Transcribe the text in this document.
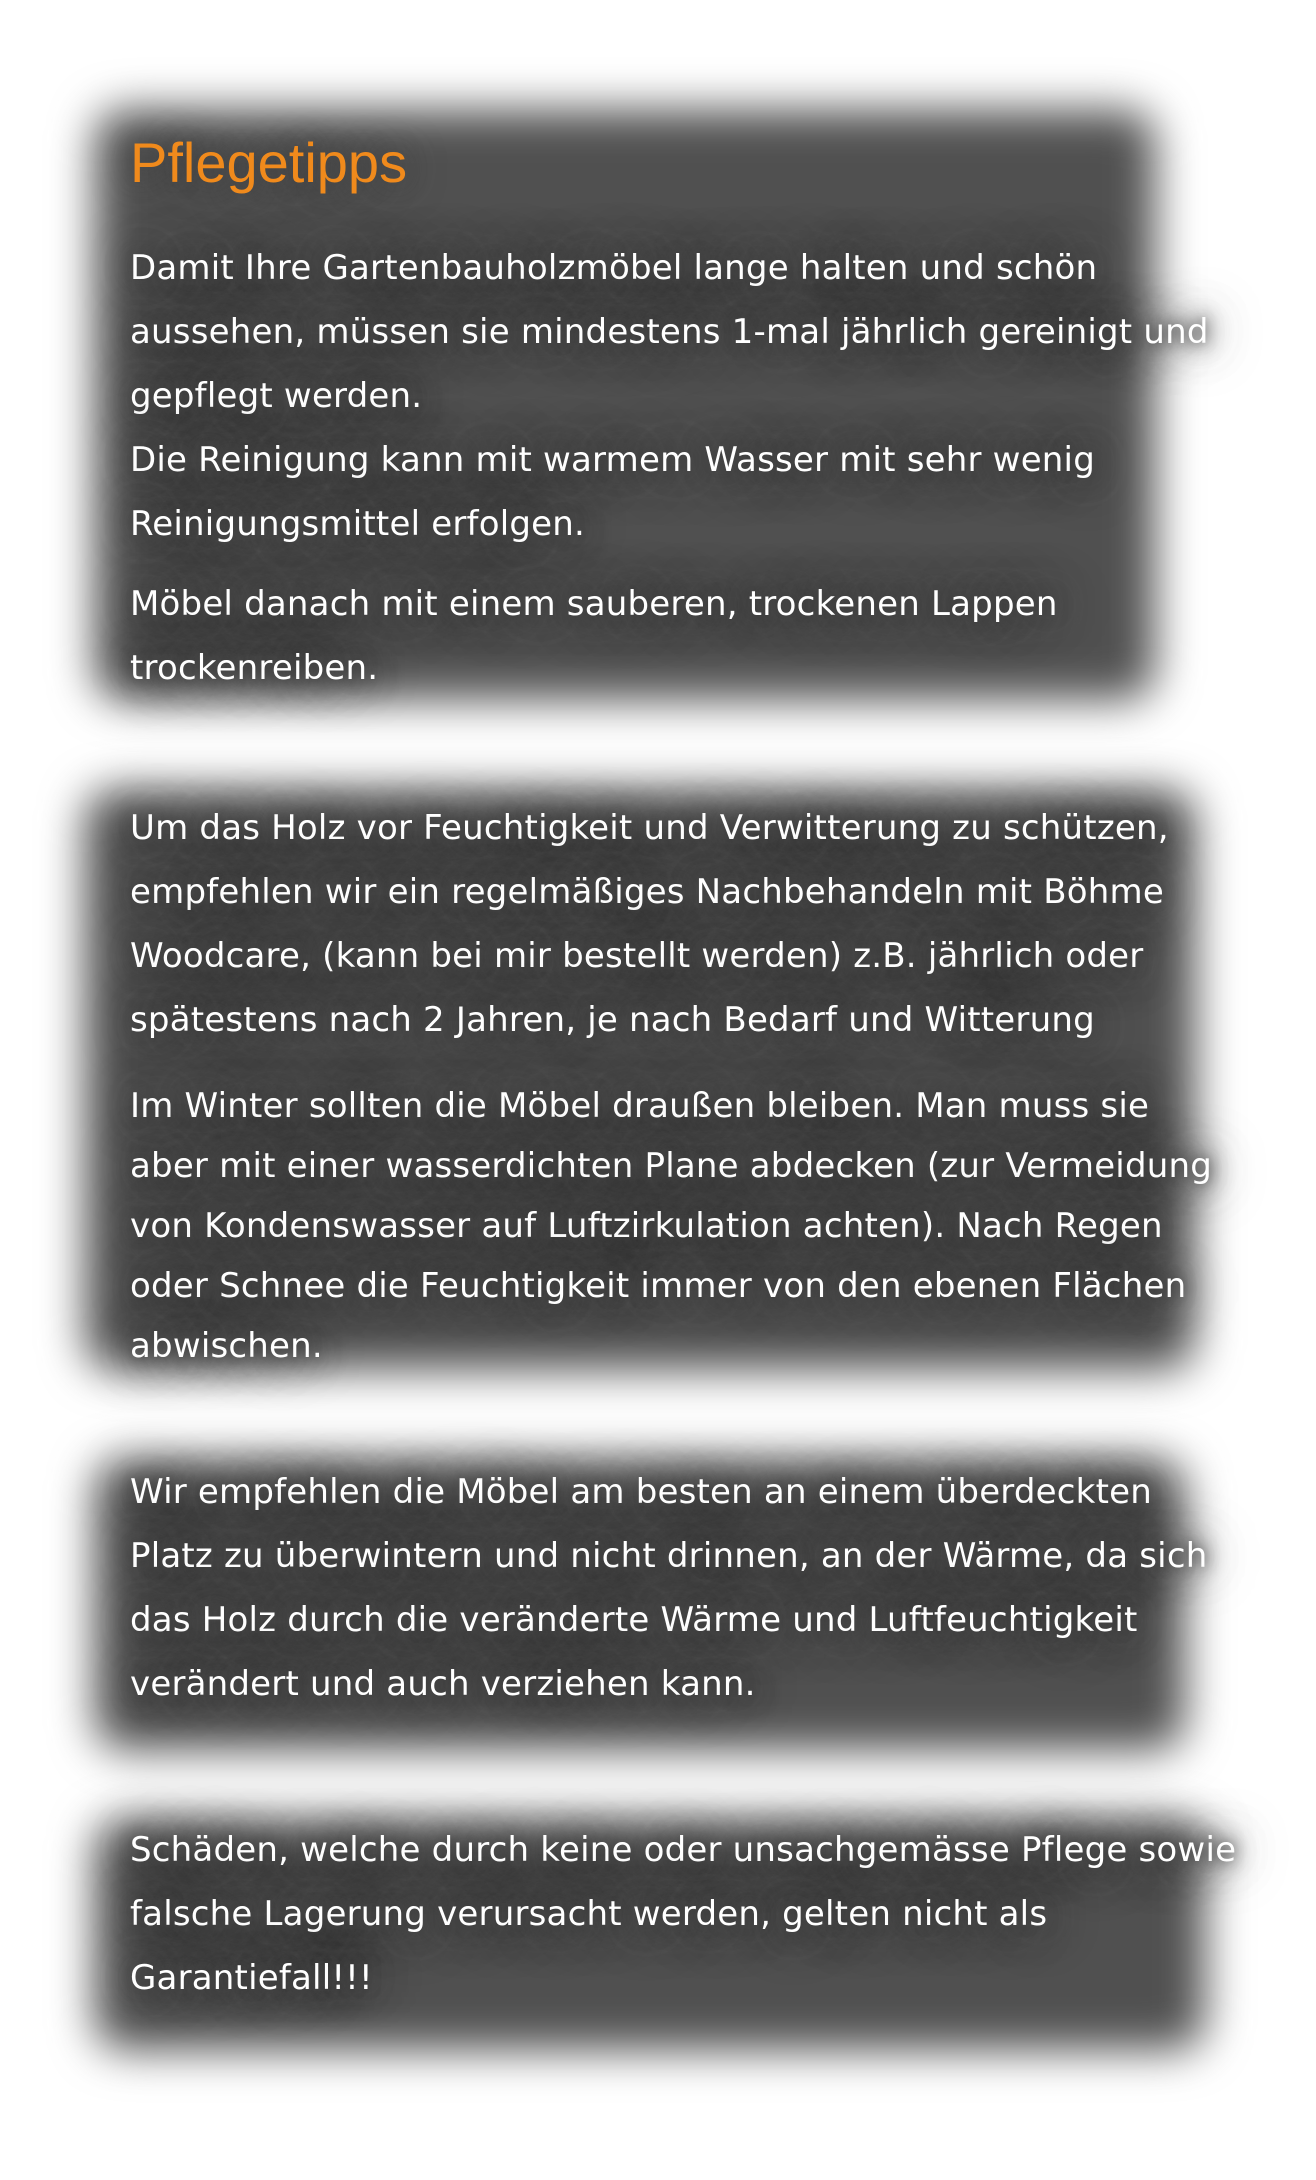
Pflegetipps

Damit Ihre Gartenbauholzmöbel lange halten und schön

aussehen, müssen sie mindestens 1-mal jährlich gereinigt und

gepflegt werden.

Die Reinigung kann mit warmem Wasser mit sehr wenig

Reinigungsmittel erfolgen.

Möbel danach mit einem sauberen, trockenen Lappen

trockenreiben.

Um das Holz vor Feuchtigkeit und Verwitterung zu schützen,

empfehlen wir ein regelmäßiges Nachbehandeln mit Böhme

Woodcare, (kann bei mir bestellt werden) z.B. jährlich oder

spätestens nach 2 Jahren, je nach Bedarf und Witterung

Im Winter sollten die Möbel draußen bleiben. Man muss sie

aber mit einer wasserdichten Plane abdecken (zur Vermeidung

von Kondenswasser auf Luftzirkulation achten). Nach Regen

oder Schnee die Feuchtigkeit immer von den ebenen Flächen

abwischen.

Wir empfehlen die Möbel am besten an einem überdeckten

Platz zu überwintern und nicht drinnen, an der Wärme, da sich

das Holz durch die veränderte Wärme und Luftfeuchtigkeit

verändert und auch verziehen kann.

Schäden, welche durch keine oder unsachgemässe Pflege sowie

falsche Lagerung verursacht werden, gelten nicht als

Garantiefall!!!
